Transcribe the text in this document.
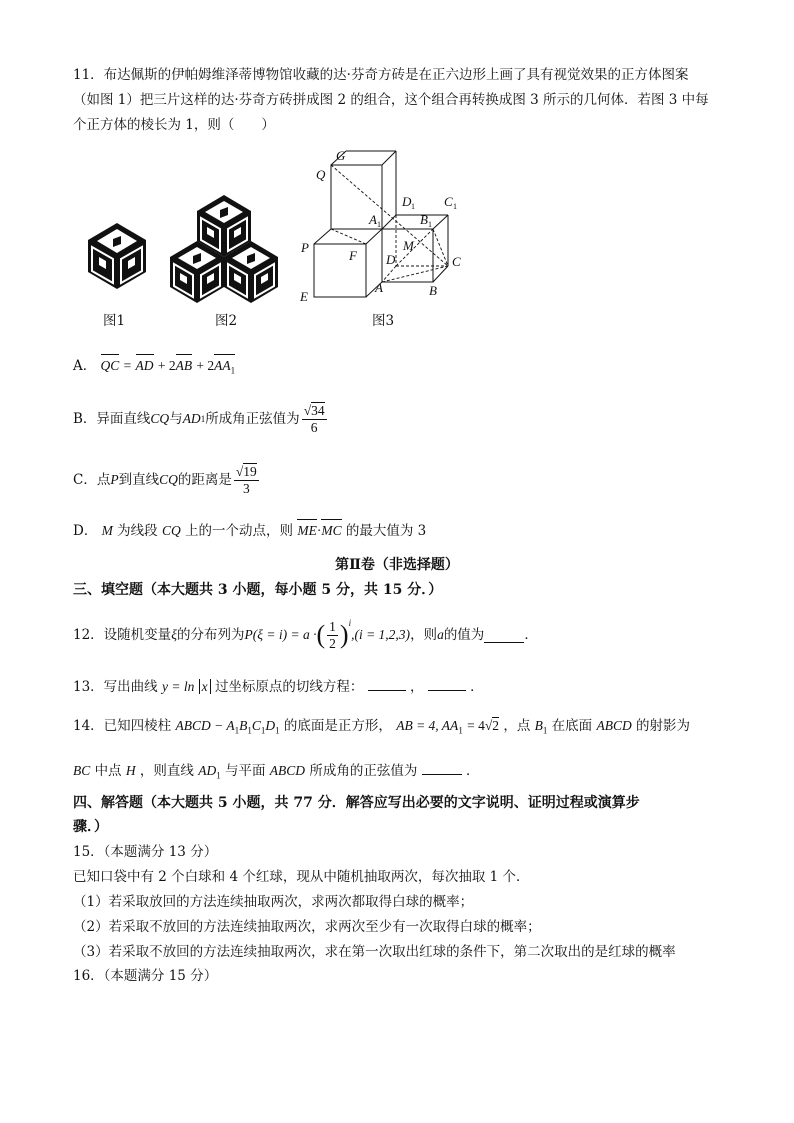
11．布达佩斯的伊帕姆维泽蒂博物馆收藏的达·芬奇方砖是在正六边形上画了具有视觉效果的正方体图案
（如图 1）把三片这样的达·芬奇方砖拼成图 2 的组合，这个组合再转换成图 3 所示的几何体．若图 3 中每
个正方体的棱长为 1，则（　　）
图1	图2
G
Q
D 1 C 1
A 1	B 1
M
P
F D	C
E
A	B
图3
A． QC = AD + $2AB + 2AA_1$
B．异面直线 CQ 与 AD 1 所成角正弦值为 $\frac{√34}{6}$
C．点 P 到直线 CQ 的距离是 $\frac{√19}{3}$
D． M 为线段 CQ 上的一个动点，则 ME·MC 的最大值为 3
第Ⅱ卷（非选择题）
三、填空题（本大题共 3 小题，每小题 5 分，共 15 分．）
12．设随机变量 ξ 的分布列为 P (ξ = i) = a · ( $\frac{1}{2} )^i$
,(i = 1,2,3) ，则 a 的值为	．
13．写出曲线 y = ln x 过坐标原点的切线方程：	，	．
14．已知四棱柱 ABCD − $A_1B_1C_1D_1$ 的底面是正方形， AB = 4, $AA_1 = 4√2$ ，点 $B_1$ 在底面 ABCD 的射影为
BC 中点 H ，则直线 $AD_1$ 与平面 ABCD 所成角的正弦值为	．
四、解答题（本大题共 5 小题，共 77 分．解答应写出必要的文字说明、证明过程或演算步
骤．）
15．（本题满分 13 分）
已知口袋中有 2 个白球和 4 个红球，现从中随机抽取两次，每次抽取 1 个．
（1）若采取放回的方法连续抽取两次，求两次都取得白球的概率；
（2）若采取不放回的方法连续抽取两次，求两次至少有一次取得白球的概率；
（3）若采取不放回的方法连续抽取两次，求在第一次取出红球的条件下，第二次取出的是红球的概率
16．（本题满分 15 分）
